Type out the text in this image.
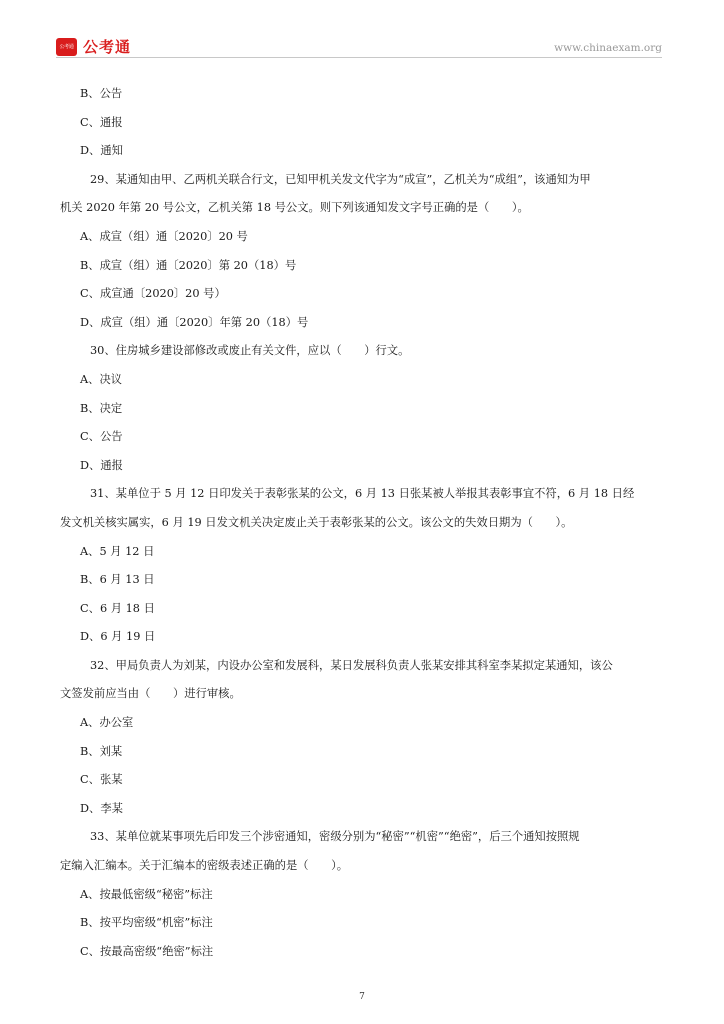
公考通 公考通	www.chinaexam.org
B、公告
C、通报
D、通知
29、某通知由甲、乙两机关联合行文，已知甲机关发文代字为“成宣”，乙机关为“成组”，该通知为甲
机关 2020 年第 20 号公文，乙机关第 18 号公文。则下列该通知发文字号正确的是（　　）。
A、成宣（组）通〔2020〕20 号
B、成宣（组）通〔2020〕第 20（18）号
C、成宣通〔2020〕20 号）
D、成宣（组）通〔2020〕年第 20（18）号
30、住房城乡建设部修改或废止有关文件，应以（　　）行文。
A、决议
B、决定
C、公告
D、通报
31、某单位于 5 月 12 日印发关于表彰张某的公文，6 月 13 日张某被人举报其表彰事宜不符，6 月 18 日经
发文机关核实属实，6 月 19 日发文机关决定废止关于表彰张某的公文。该公文的失效日期为（　　）。
A、5 月 12 日
B、6 月 13 日
C、6 月 18 日
D、6 月 19 日
32、甲局负责人为刘某，内设办公室和发展科，某日发展科负责人张某安排其科室李某拟定某通知，该公
文签发前应当由（　　）进行审核。
A、办公室
B、刘某
C、张某
D、李某
33、某单位就某事项先后印发三个涉密通知，密级分别为“秘密”“机密”“绝密”，后三个通知按照规
定编入汇编本。关于汇编本的密级表述正确的是（　　）。
A、按最低密级“秘密”标注
B、按平均密级“机密”标注
C、按最高密级“绝密”标注
7
